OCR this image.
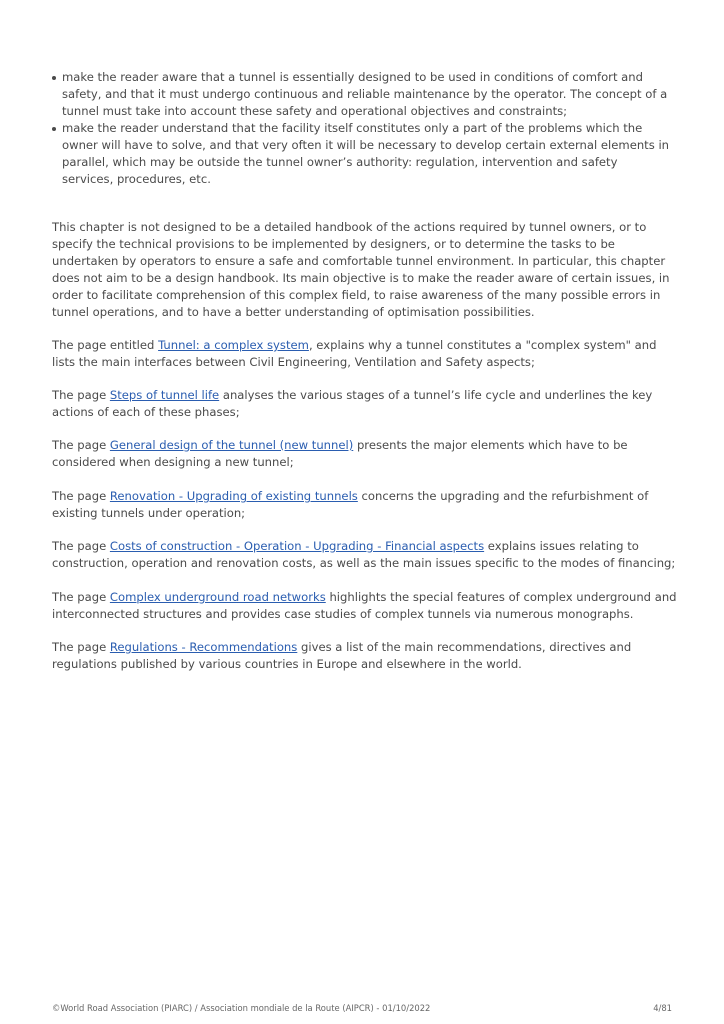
make the reader aware that a tunnel is essentially designed to be used in conditions of comfort and safety, and that it must undergo continuous and reliable maintenance by the operator. The concept of a tunnel must take into account these safety and operational objectives and constraints;
make the reader understand that the facility itself constitutes only a part of the problems which the owner will have to solve, and that very often it will be necessary to develop certain external elements in parallel, which may be outside the tunnel owner’s authority: regulation, intervention and safety services, procedures, etc.

This chapter is not designed to be a detailed handbook of the actions required by tunnel owners, or to specify the technical provisions to be implemented by designers, or to determine the tasks to be undertaken by operators to ensure a safe and comfortable tunnel environment. In particular, this chapter does not aim to be a design handbook. Its main objective is to make the reader aware of certain issues, in order to facilitate comprehension of this complex field, to raise awareness of the many possible errors in tunnel operations, and to have a better understanding of optimisation possibilities.

The page entitled Tunnel: a complex system, explains why a tunnel constitutes a "complex system" and lists the main interfaces between Civil Engineering, Ventilation and Safety aspects;

The page Steps of tunnel life analyses the various stages of a tunnel’s life cycle and underlines the key actions of each of these phases;

The page General design of the tunnel (new tunnel) presents the major elements which have to be considered when designing a new tunnel;

The page Renovation - Upgrading of existing tunnels concerns the upgrading and the refurbishment of existing tunnels under operation;

The page Costs of construction - Operation - Upgrading - Financial aspects explains issues relating to construction, operation and renovation costs, as well as the main issues specific to the modes of financing;

The page Complex underground road networks highlights the special features of complex underground and interconnected structures and provides case studies of complex tunnels via numerous monographs.

The page Regulations - Recommendations gives a list of the main recommendations, directives and regulations published by various countries in Europe and elsewhere in the world.

©World Road Association (PIARC) / Association mondiale de la Route (AIPCR) - 01/10/2022	4/81
